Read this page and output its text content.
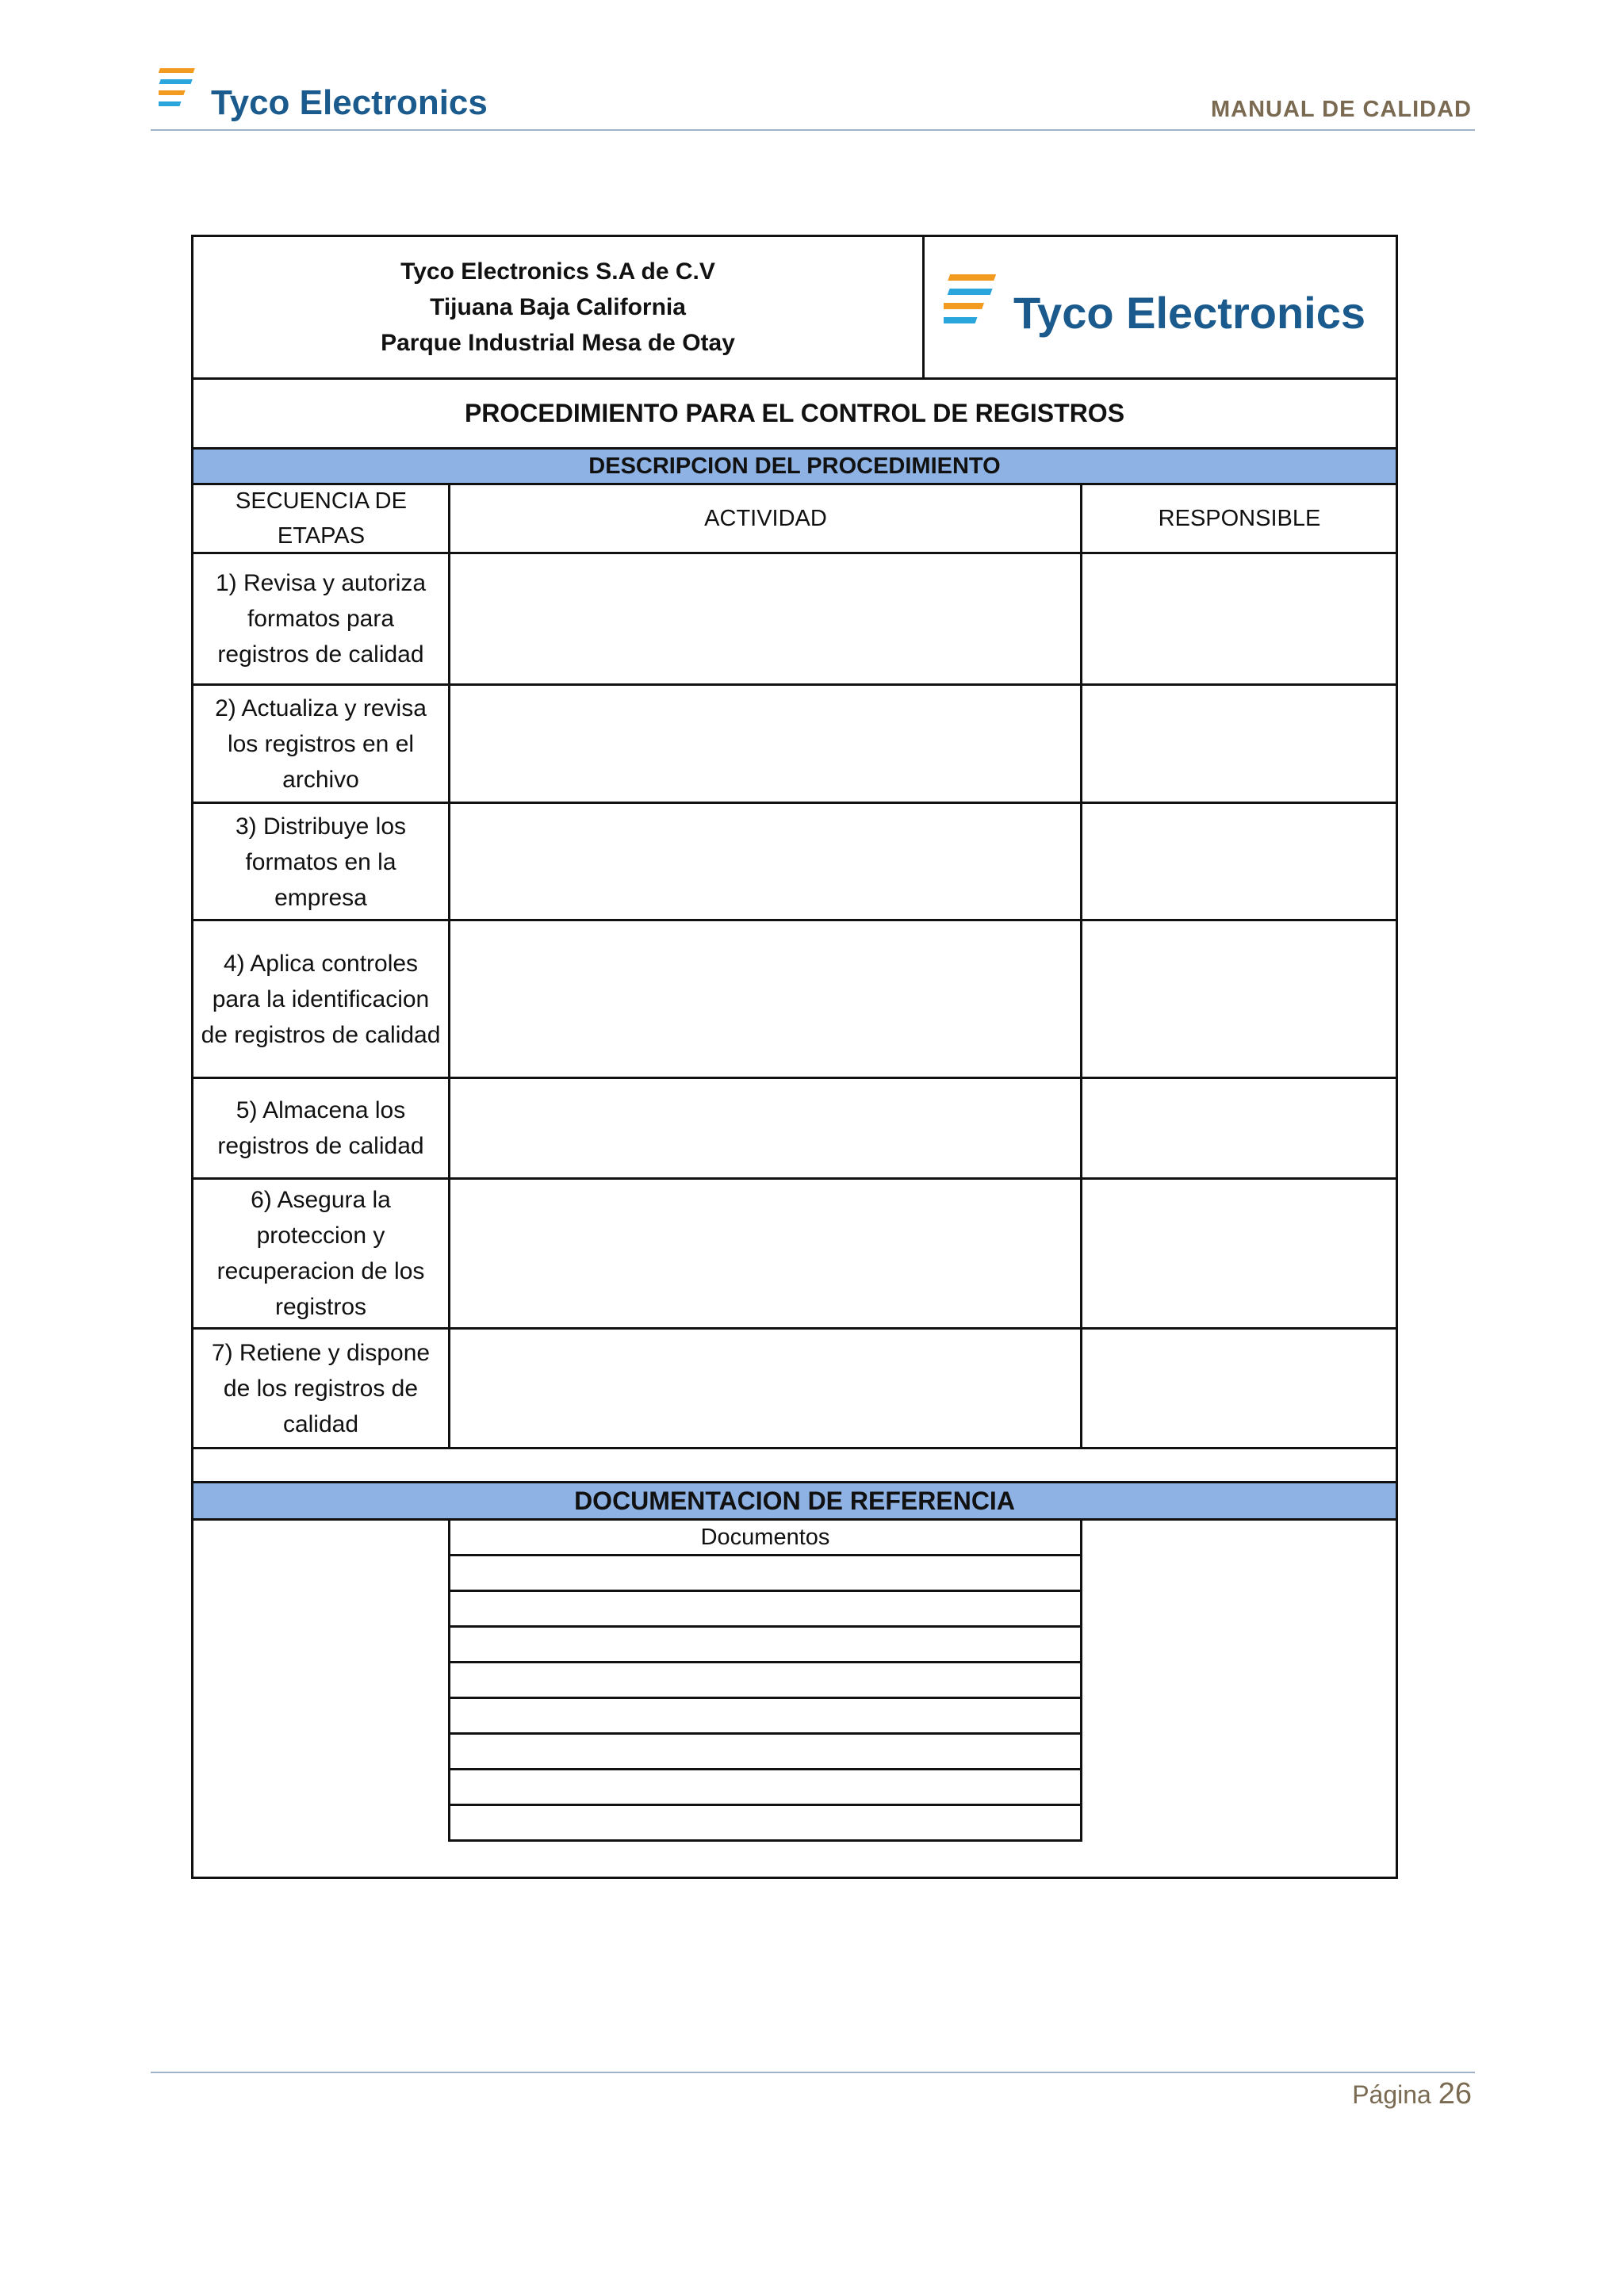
Tyco Electronics	MANUAL DE CALIDAD
Tyco Electronics S.A de C.V
Tijuana Baja California
Parque Industrial Mesa de Otay
Tyco Electronics
PROCEDIMIENTO PARA EL CONTROL DE REGISTROS
DESCRIPCION DEL PROCEDIMIENTO
SECUENCIA DE
ETAPAS
ACTIVIDAD	RESPONSIBLE
1) Revisa y autoriza
formatos para
registros de calidad
2) Actualiza y revisa
los registros en el
archivo
3) Distribuye los
formatos en la
empresa
4) Aplica controles
para la identificacion
de registros de calidad
5) Almacena los
registros de calidad
6) Asegura la
proteccion y
recuperacion de los
registros
7) Retiene y dispone
de los registros de
calidad
DOCUMENTACION DE REFERENCIA
Documentos
Página 26
